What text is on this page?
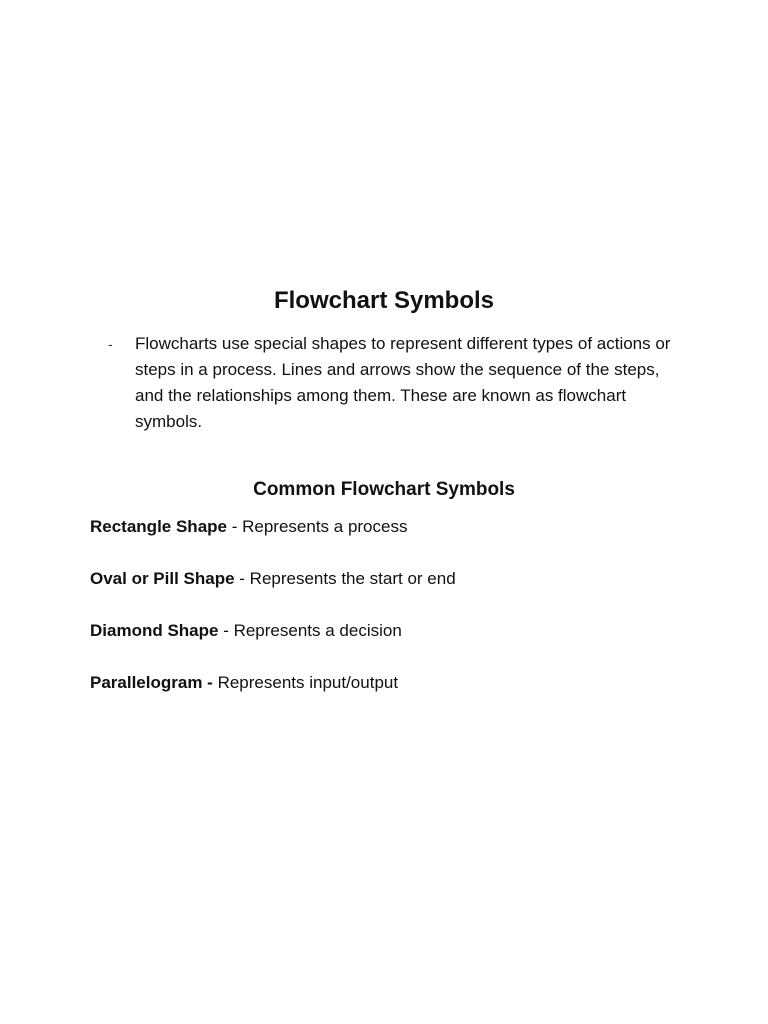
Flowchart Symbols
-	Flowcharts use special shapes to represent different types of actions or steps in a process. Lines and arrows show the sequence of the steps, and the relationships among them. These are known as flowchart symbols.
Common Flowchart Symbols
Rectangle Shape - Represents a process
Oval or Pill Shape - Represents the start or end
Diamond Shape - Represents a decision
Parallelogram - Represents input/output
